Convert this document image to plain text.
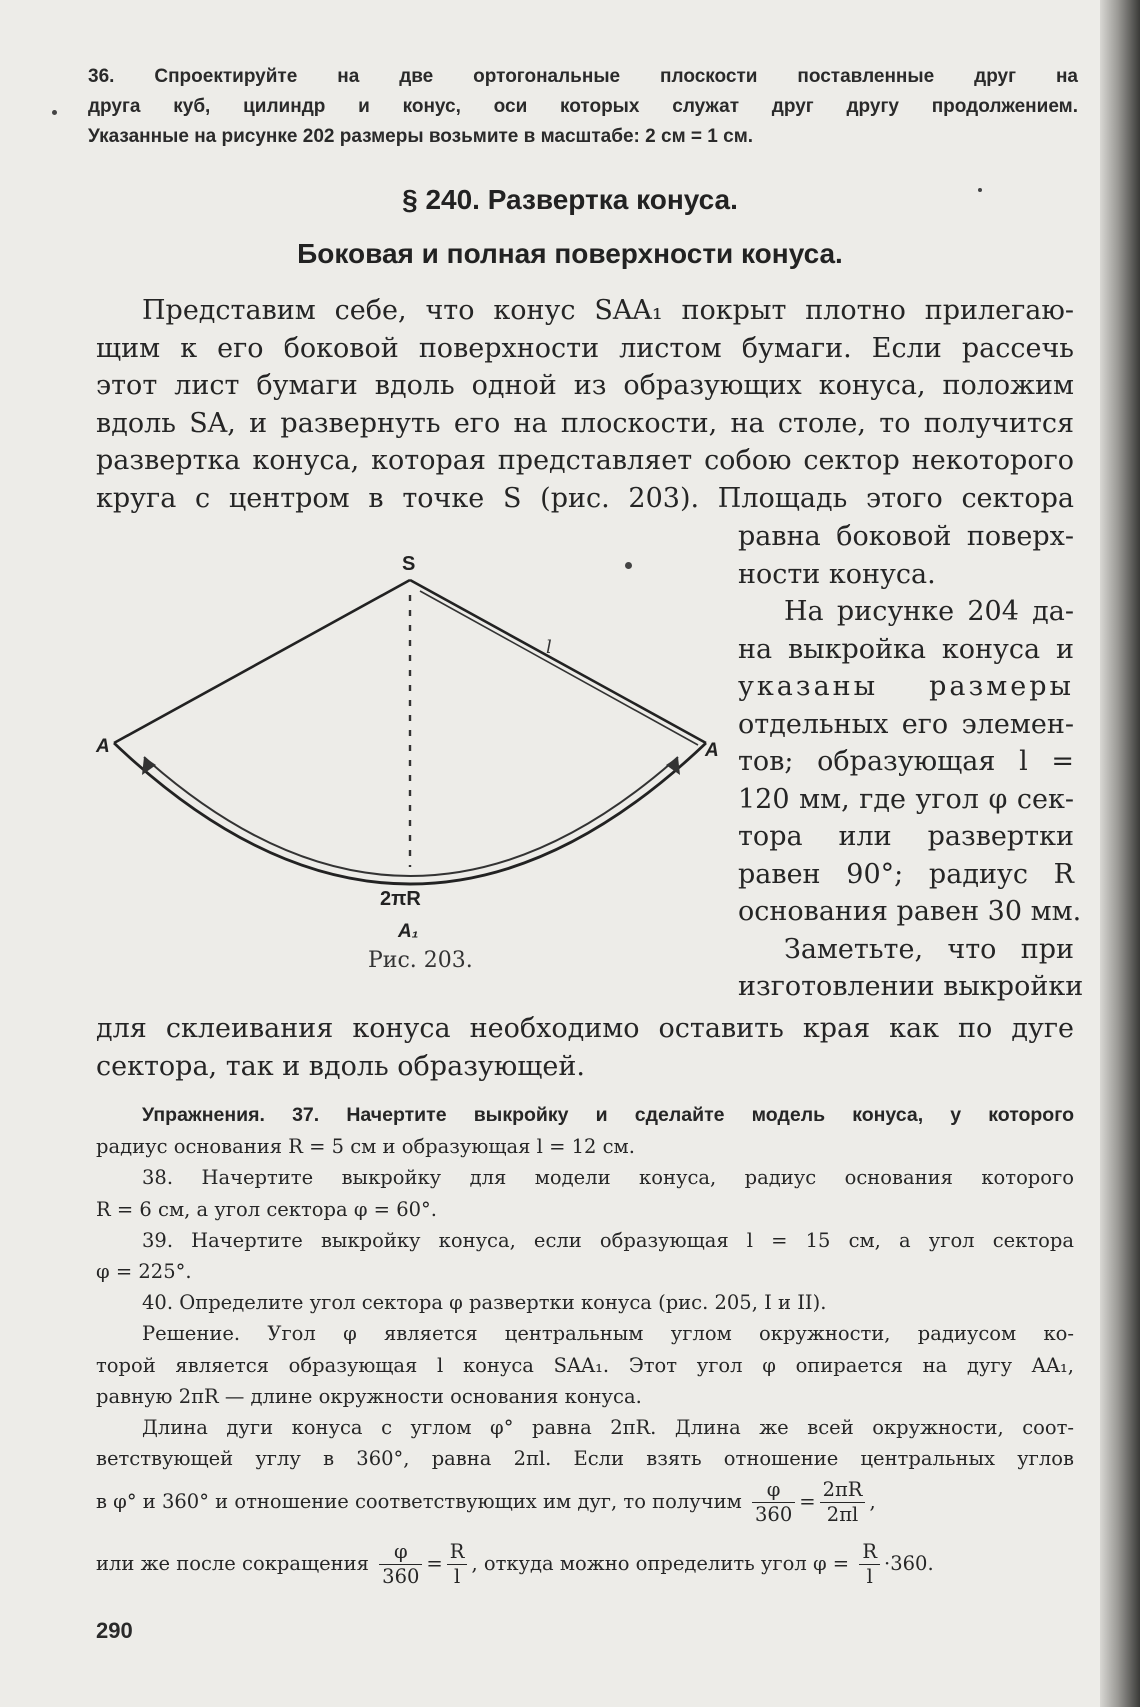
36. Спроектируйте на две ортогональные плоскости поставленные друг на
друга куб, цилиндр и конус, оси которых служат друг другу продолжением.
Указанные на рисунке 202 размеры возьмите в масштабе: 2 см = 1 см.
§ 240. Развертка конуса.
Боковая и полная поверхности конуса.
Представим себе, что конус SAA₁ покрыт плотно прилегаю-
щим к его боковой поверхности листом бумаги. Если рассечь
этот лист бумаги вдоль одной из образующих конуса, положим
вдоль SA, и развернуть его на плоскости, на столе, то получится
развертка конуса, которая представляет собою сектор некоторого
круга с центром в точке S (рис. 203). Площадь этого сектора
равна боковой поверх-
ности конуса.
На рисунке 204 да-
на выкройка конуса и
указаны размеры
отдельных его элемен-
тов; образующая l =
120 мм, где угол φ сек-
тора или развертки
равен 90°; радиус R
основания равен 30 мм.
Заметьте, что при
изготовлении выкройки
S
A	A
l
2πR
A₁
Рис. 203.
для склеивания конуса необходимо оставить края как по дуге
сектора, так и вдоль образующей.
Упражнения. 37. Начертите выкройку и сделайте модель конуса, у которого
радиус основания R = 5 см и образующая l = 12 см.
38. Начертите выкройку для модели конуса, радиус основания которого
R = 6 см, а угол сектора φ = 60°.
39. Начертите выкройку конуса, если образующая l = 15 см, а угол сектора
φ = 225°.
40. Определите угол сектора φ развертки конуса (рис. 205, I и II).
Решение. Угол φ является центральным углом окружности, радиусом ко-
торой является образующая l конуса SAA₁. Этот угол φ опирается на дугу AA₁,
равную 2πR — длине окружности основания конуса.
Длина дуги конуса с углом φ° равна 2πR. Длина же всей окружности, соот-
ветствующей углу в 360°, равна 2πl. Если взять отношение центральных углов
в φ° и 360° и отношение соответствующих им дуг, то получим $\frac{\varphi}{360} = \frac{2\pi R}{2\pi l}$ ,
или же после сокращения $\frac{\varphi}{360} = \frac{R}{l}$ , откуда можно определить угол $\varphi = \frac{R}{l} \cdot 360$.
290
